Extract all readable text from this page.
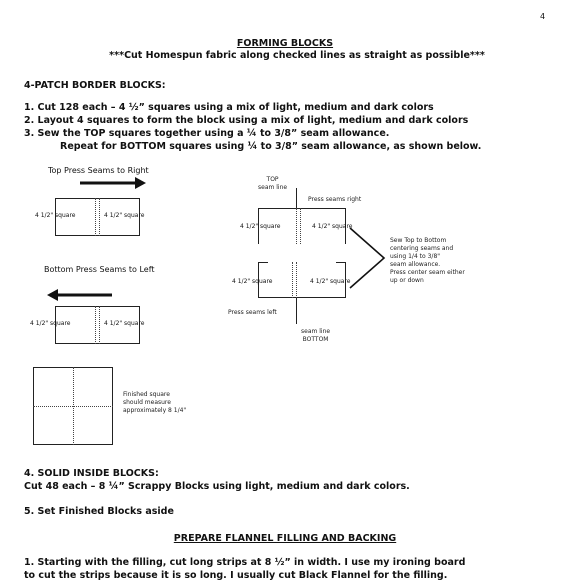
4
FORMING BLOCKS
***Cut Homespun fabric along checked lines as straight as possible***
4-PATCH BORDER BLOCKS:
1. Cut 128 each – 4 ½” squares using a mix of light, medium and dark colors
2. Layout 4 squares to form the block using a mix of light, medium and dark colors
3. Sew the TOP squares together using a ¼ to 3/8” seam allowance.
Repeat for BOTTOM squares using ¼ to 3/8” seam allowance, as shown below.
Top Press Seams to Right
4 1/2" square	4 1/2" square
Bottom Press Seams to Left
4 1/2" square	4 1/2" square
Finished square
should measure
approximately 8 1/4"
TOP
seam line
Press seams right
4 1/2" square	4 1/2" square
4 1/2" square	4 1/2" square
Press seams left
seam line
BOTTOM
Sew Top to Bottom
centering seams and
using 1/4 to 3/8"
seam allowance.
Press center seam either
up or down
4. SOLID INSIDE BLOCKS:
Cut 48 each – 8 ¼” Scrappy Blocks using light, medium and dark colors.
5. Set Finished Blocks aside
PREPARE FLANNEL FILLING AND BACKING
1. Starting with the filling, cut long strips at 8 ½” in width. I use my ironing board
to cut the strips because it is so long. I usually cut Black Flannel for the filling.
